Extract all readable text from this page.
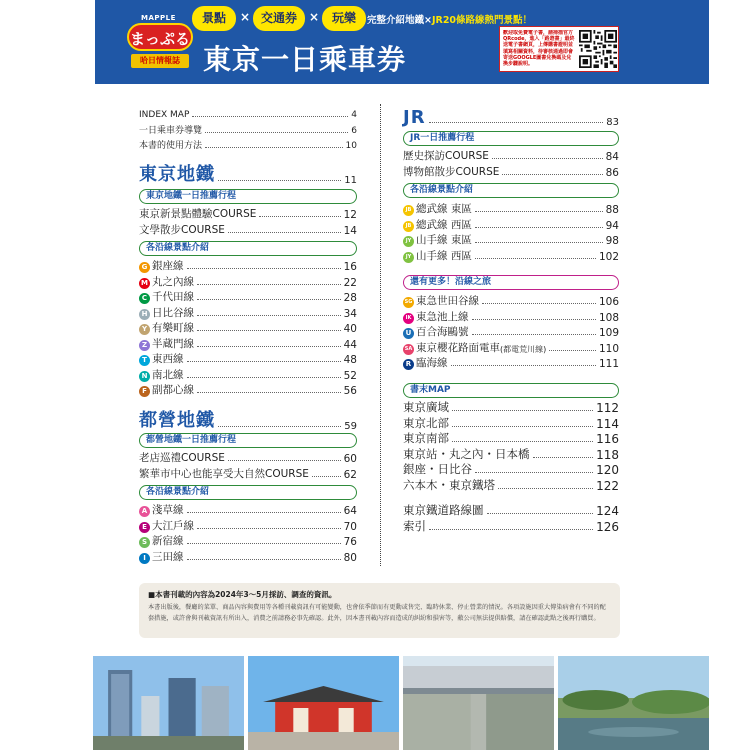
MAPPLE
まっぷる
哈日情報誌
景點	× 交通券	×	玩樂	完整介紹地鐵×JR20條路線熱門景點！
東京一日乘車券
歡迎取免費電子書，請掃描官方QRcode，進入「路遊書」最終送電子書網頁，上傳購書證明並填寫相關資料，待審核通過即會寄送GOOGLE圖書兌換碼及兌換步驟說明。
INDEX MAP	4
一日乘車券導覽	6
本書的使用方法	10
東京地鐵	11
東京地鐵一日推薦行程
東京新景點體驗COURSE	12
文學散步COURSE	14
各沿線景點介紹
G 銀座線	16
M 丸之內線	22
C 千代田線	28
H 日比谷線	34
Y 有樂町線	40
Z 半蔵門線	44
T 東西線	48
N 南北線	52
F 副都心線	56
都營地鐵	59
都營地鐵一日推薦行程
老店巡禮COURSE	60
繁華市中心也能享受大自然COURSE	62
各沿線景點介紹
A 淺草線	64
E 大江戶線	70
S 新宿線	76
I 三田線	80
JR	83
JR一日推薦行程
歷史探訪COURSE	84
博物館散步COURSE	86
各沿線景點介紹
JB 總武線 東區	88
JB 總武線 西區	94
JY 山手線 東區	98
JY 山手線 西區	102
還有更多！沿線之旅
SG 東急世田谷線	106
IK 東急池上線	108
U 百合海鷗號	109
SA 東京櫻花路面電車 (都電荒川線)	110
R 臨海線	111
書末MAP
東京廣域	112
東京北部	114
東京南部	116
東京站・丸之內・日本橋	118
銀座・日比谷	120
六本木・東京鐵塔	122
東京鐵道路線圖	124
索引	126
■本書刊載的內容為2024年3～5月採訪、調查的資訊。
本書出版後，餐廳的菜單、商品內容與費用等各種刊載資訊有可能變動，也會依季節而有更動或售完、臨時休業、停止營業的情況。各項設施因重大傳染病會有不同的配套措施，或許會與刊載資訊有所出入，消費之前請務必事先確認。此外，因本書刊載內容而造成的糾紛和損害等，敝公司無法提供賠償，請在確認此點之後再行購買。
